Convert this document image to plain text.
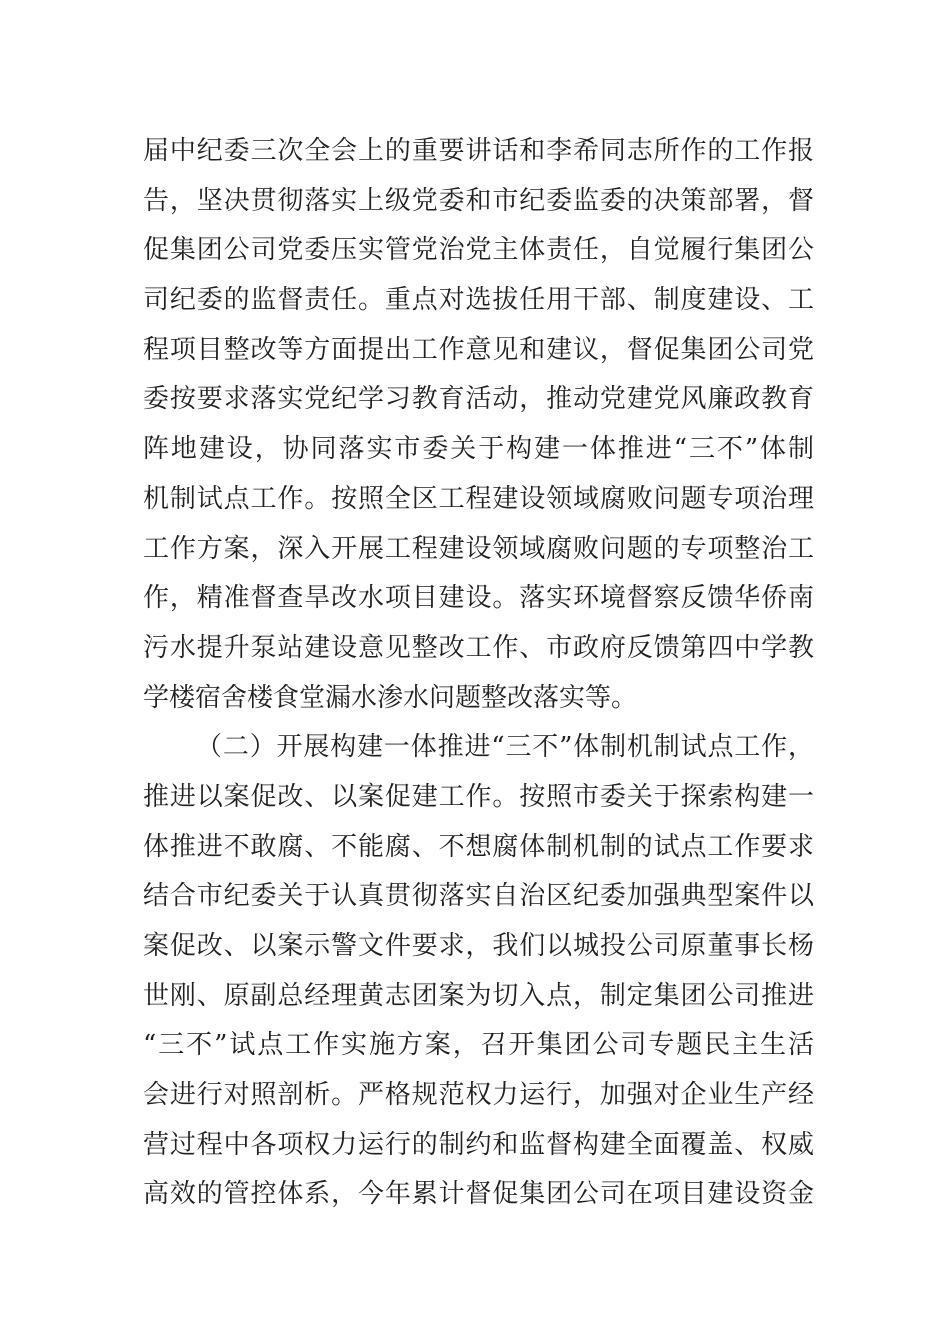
届中纪委三次全会上的重要讲话和李希同志所作的工作报
告，坚决贯彻落实上级党委和市纪委监委的决策部署，督
促集团公司党委压实管党治党主体责任，自觉履行集团公
司纪委的监督责任。重点对选拔任用干部、制度建设、工
程项目整改等方面提出工作意见和建议，督促集团公司党
委按要求落实党纪学习教育活动，推动党建党风廉政教育
阵地建设，协同落实市委关于构建一体推进“三不”体制
机制试点工作。按照全区工程建设领域腐败问题专项治理
工作方案，深入开展工程建设领域腐败问题的专项整治工
作，精准督查旱改水项目建设。落实环境督察反馈华侨南
污水提升泵站建设意见整改工作、市政府反馈第四中学教
学楼宿舍楼食堂漏水渗水问题整改落实等。
（二）开展构建一体推进“三不”体制机制试点工作，
推进以案促改、以案促建工作。按照市委关于探索构建一
体推进不敢腐、不能腐、不想腐体制机制的试点工作要求
结合市纪委关于认真贯彻落实自治区纪委加强典型案件以
案促改、以案示警文件要求，我们以城投公司原董事长杨
世刚、原副总经理黄志团案为切入点，制定集团公司推进
“三不”试点工作实施方案，召开集团公司专题民主生活
会进行对照剖析。严格规范权力运行，加强对企业生产经
营过程中各项权力运行的制约和监督构建全面覆盖、权威
高效的管控体系，今年累计督促集团公司在项目建设资金
